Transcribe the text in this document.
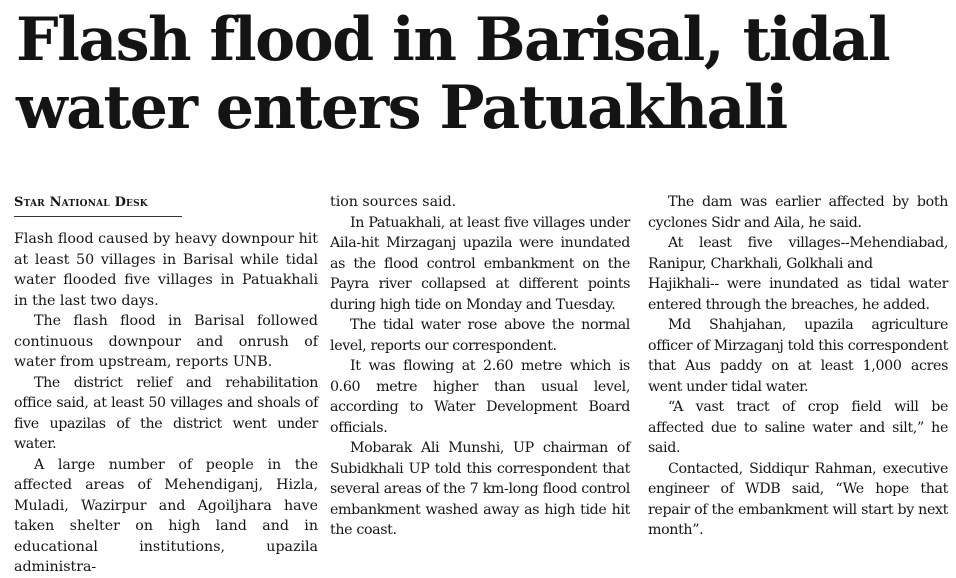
Flash flood in Barisal, tidal
water enters Patuakhali
Star National Desk

Flash flood caused by heavy downpour hit at least 50 villages in Barisal while tidal water flooded five villages in Patuakhali in the last two days.

The flash flood in Barisal followed continuous downpour and onrush of water from upstream, reports UNB.

The district relief and rehabilitation office said, at least 50 villages and shoals of five upazilas of the district went under water.

A large number of people in the affected areas of Mehendiganj, Hizla, Muladi, Wazirpur and Agoiljhara have taken shelter on high land and in educational institutions, upazila administra-

tion sources said.

In Patuakhali, at least five villages under Aila-hit Mirzaganj upazila were inundated as the flood control embankment on the Payra river collapsed at different points during high tide on Monday and Tuesday.

The tidal water rose above the normal level, reports our correspondent.

It was flowing at 2.60 metre which is 0.60 metre higher than usual level, according to Water Development Board officials.

Mobarak Ali Munshi, UP chairman of Subidkhali UP told this correspondent that several areas of the 7 km-long flood control embankment washed away as high tide hit the coast.

The dam was earlier affected by both cyclones Sidr and Aila, he said.

At least five villages--Mehendiabad, Ranipur, Charkhali, Golkhali and

Hajikhali-- were inundated as tidal water entered through the breaches, he added.

Md Shahjahan, upazila agriculture officer of Mirzaganj told this correspondent that Aus paddy on at least 1,000 acres went under tidal water.

“A vast tract of crop field will be affected due to saline water and silt,” he said.

Contacted, Siddiqur Rahman, executive engineer of WDB said, “We hope that repair of the embankment will start by next month”.
